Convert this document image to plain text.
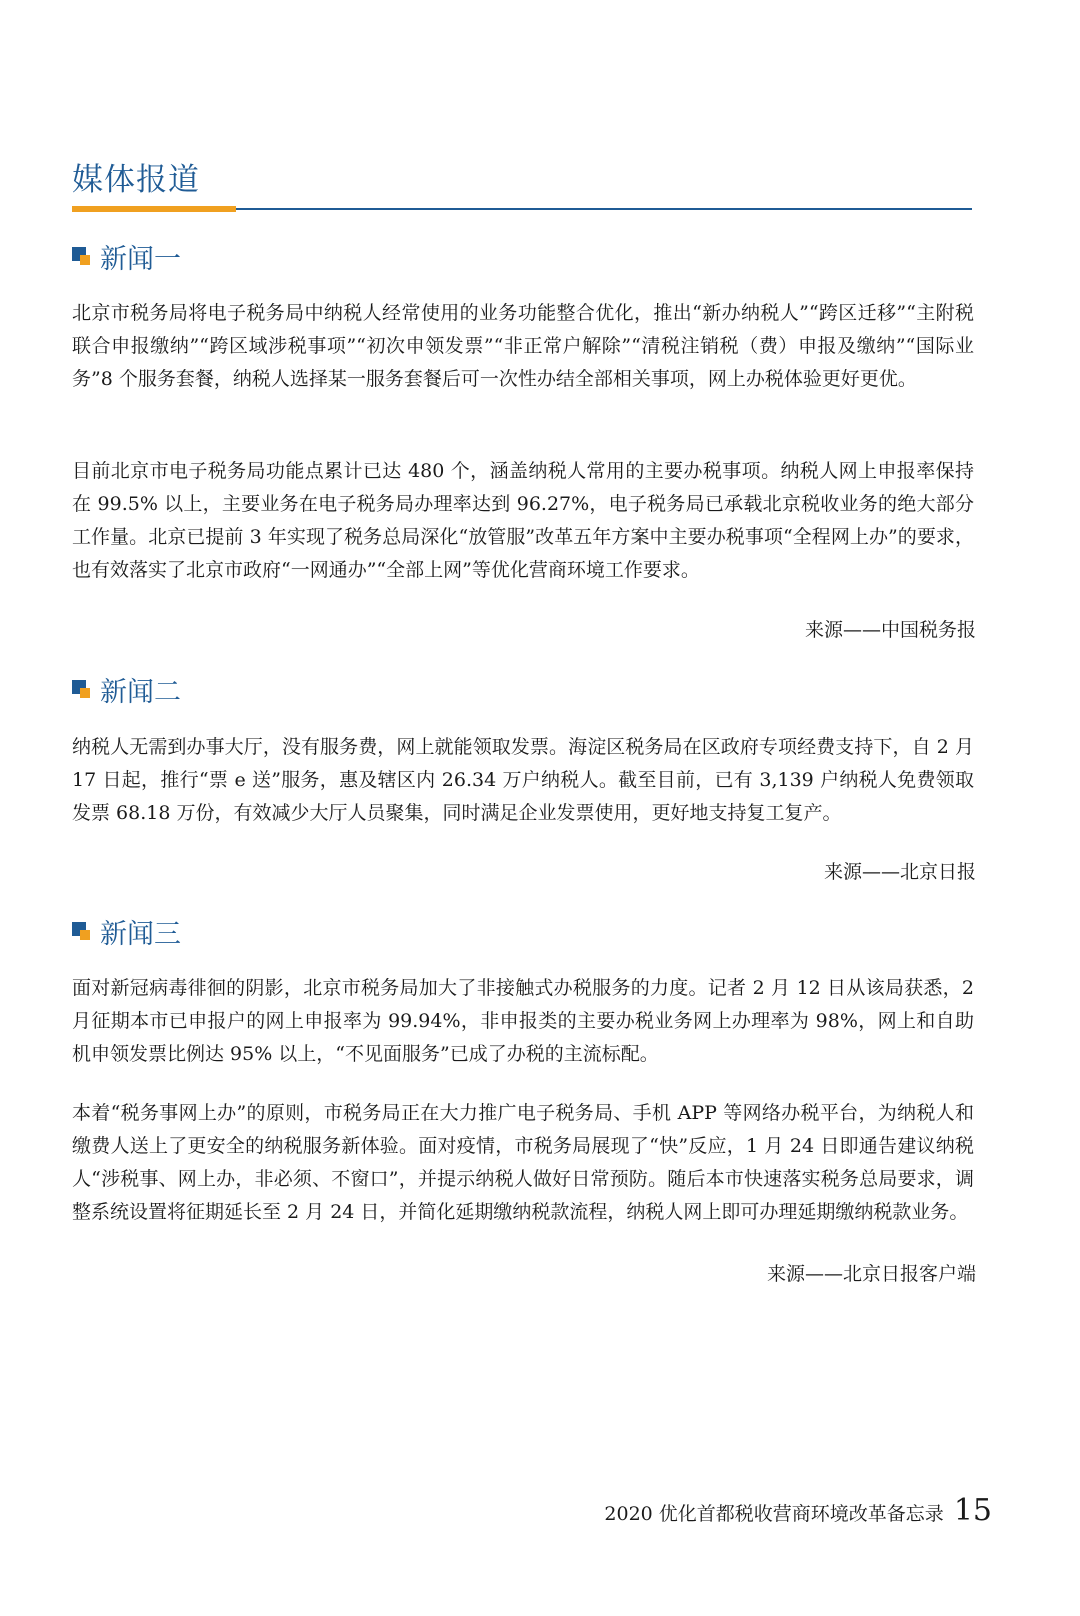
媒体报道
新闻一

北京市税务局将电子税务局中纳税人经常使用的业务功能整合优化，推出“新办纳税人”“跨区迁移”“主附税联合申报缴纳”“跨区域涉税事项”“初次申领发票”“非正常户解除”“清税注销税（费）申报及缴纳”“国际业务”8 个服务套餐，纳税人选择某一服务套餐后可一次性办结全部相关事项，网上办税体验更好更优。

目前北京市电子税务局功能点累计已达 480 个，涵盖纳税人常用的主要办税事项。纳税人网上申报率保持在 99.5% 以上，主要业务在电子税务局办理率达到 96.27%，电子税务局已承载北京税收业务的绝大部分工作量。北京已提前 3 年实现了税务总局深化“放管服”改革五年方案中主要办税事项“全程网上办”的要求，也有效落实了北京市政府“一网通办”“全部上网”等优化营商环境工作要求。

来源——中国税务报
新闻二

纳税人无需到办事大厅，没有服务费，网上就能领取发票。海淀区税务局在区政府专项经费支持下，自 2 月 17 日起，推行“票 e 送”服务，惠及辖区内 26.34 万户纳税人。截至目前，已有 3,139 户纳税人免费领取发票 68.18 万份，有效减少大厅人员聚集，同时满足企业发票使用，更好地支持复工复产。

来源——北京日报
新闻三

面对新冠病毒徘徊的阴影，北京市税务局加大了非接触式办税服务的力度。记者 2 月 12 日从该局获悉，2 月征期本市已申报户的网上申报率为 99.94%，非申报类的主要办税业务网上办理率为 98%，网上和自助机申领发票比例达 95% 以上，“不见面服务”已成了办税的主流标配。

本着“税务事网上办”的原则，市税务局正在大力推广电子税务局、手机 APP 等网络办税平台，为纳税人和缴费人送上了更安全的纳税服务新体验。面对疫情，市税务局展现了“快”反应，1 月 24 日即通告建议纳税人“涉税事、网上办，非必须、不窗口”，并提示纳税人做好日常预防。随后本市快速落实税务总局要求，调整系统设置将征期延长至 2 月 24 日，并简化延期缴纳税款流程，纳税人网上即可办理延期缴纳税款业务。

来源——北京日报客户端
2020 优化首都税收营商环境改革备忘录 15
